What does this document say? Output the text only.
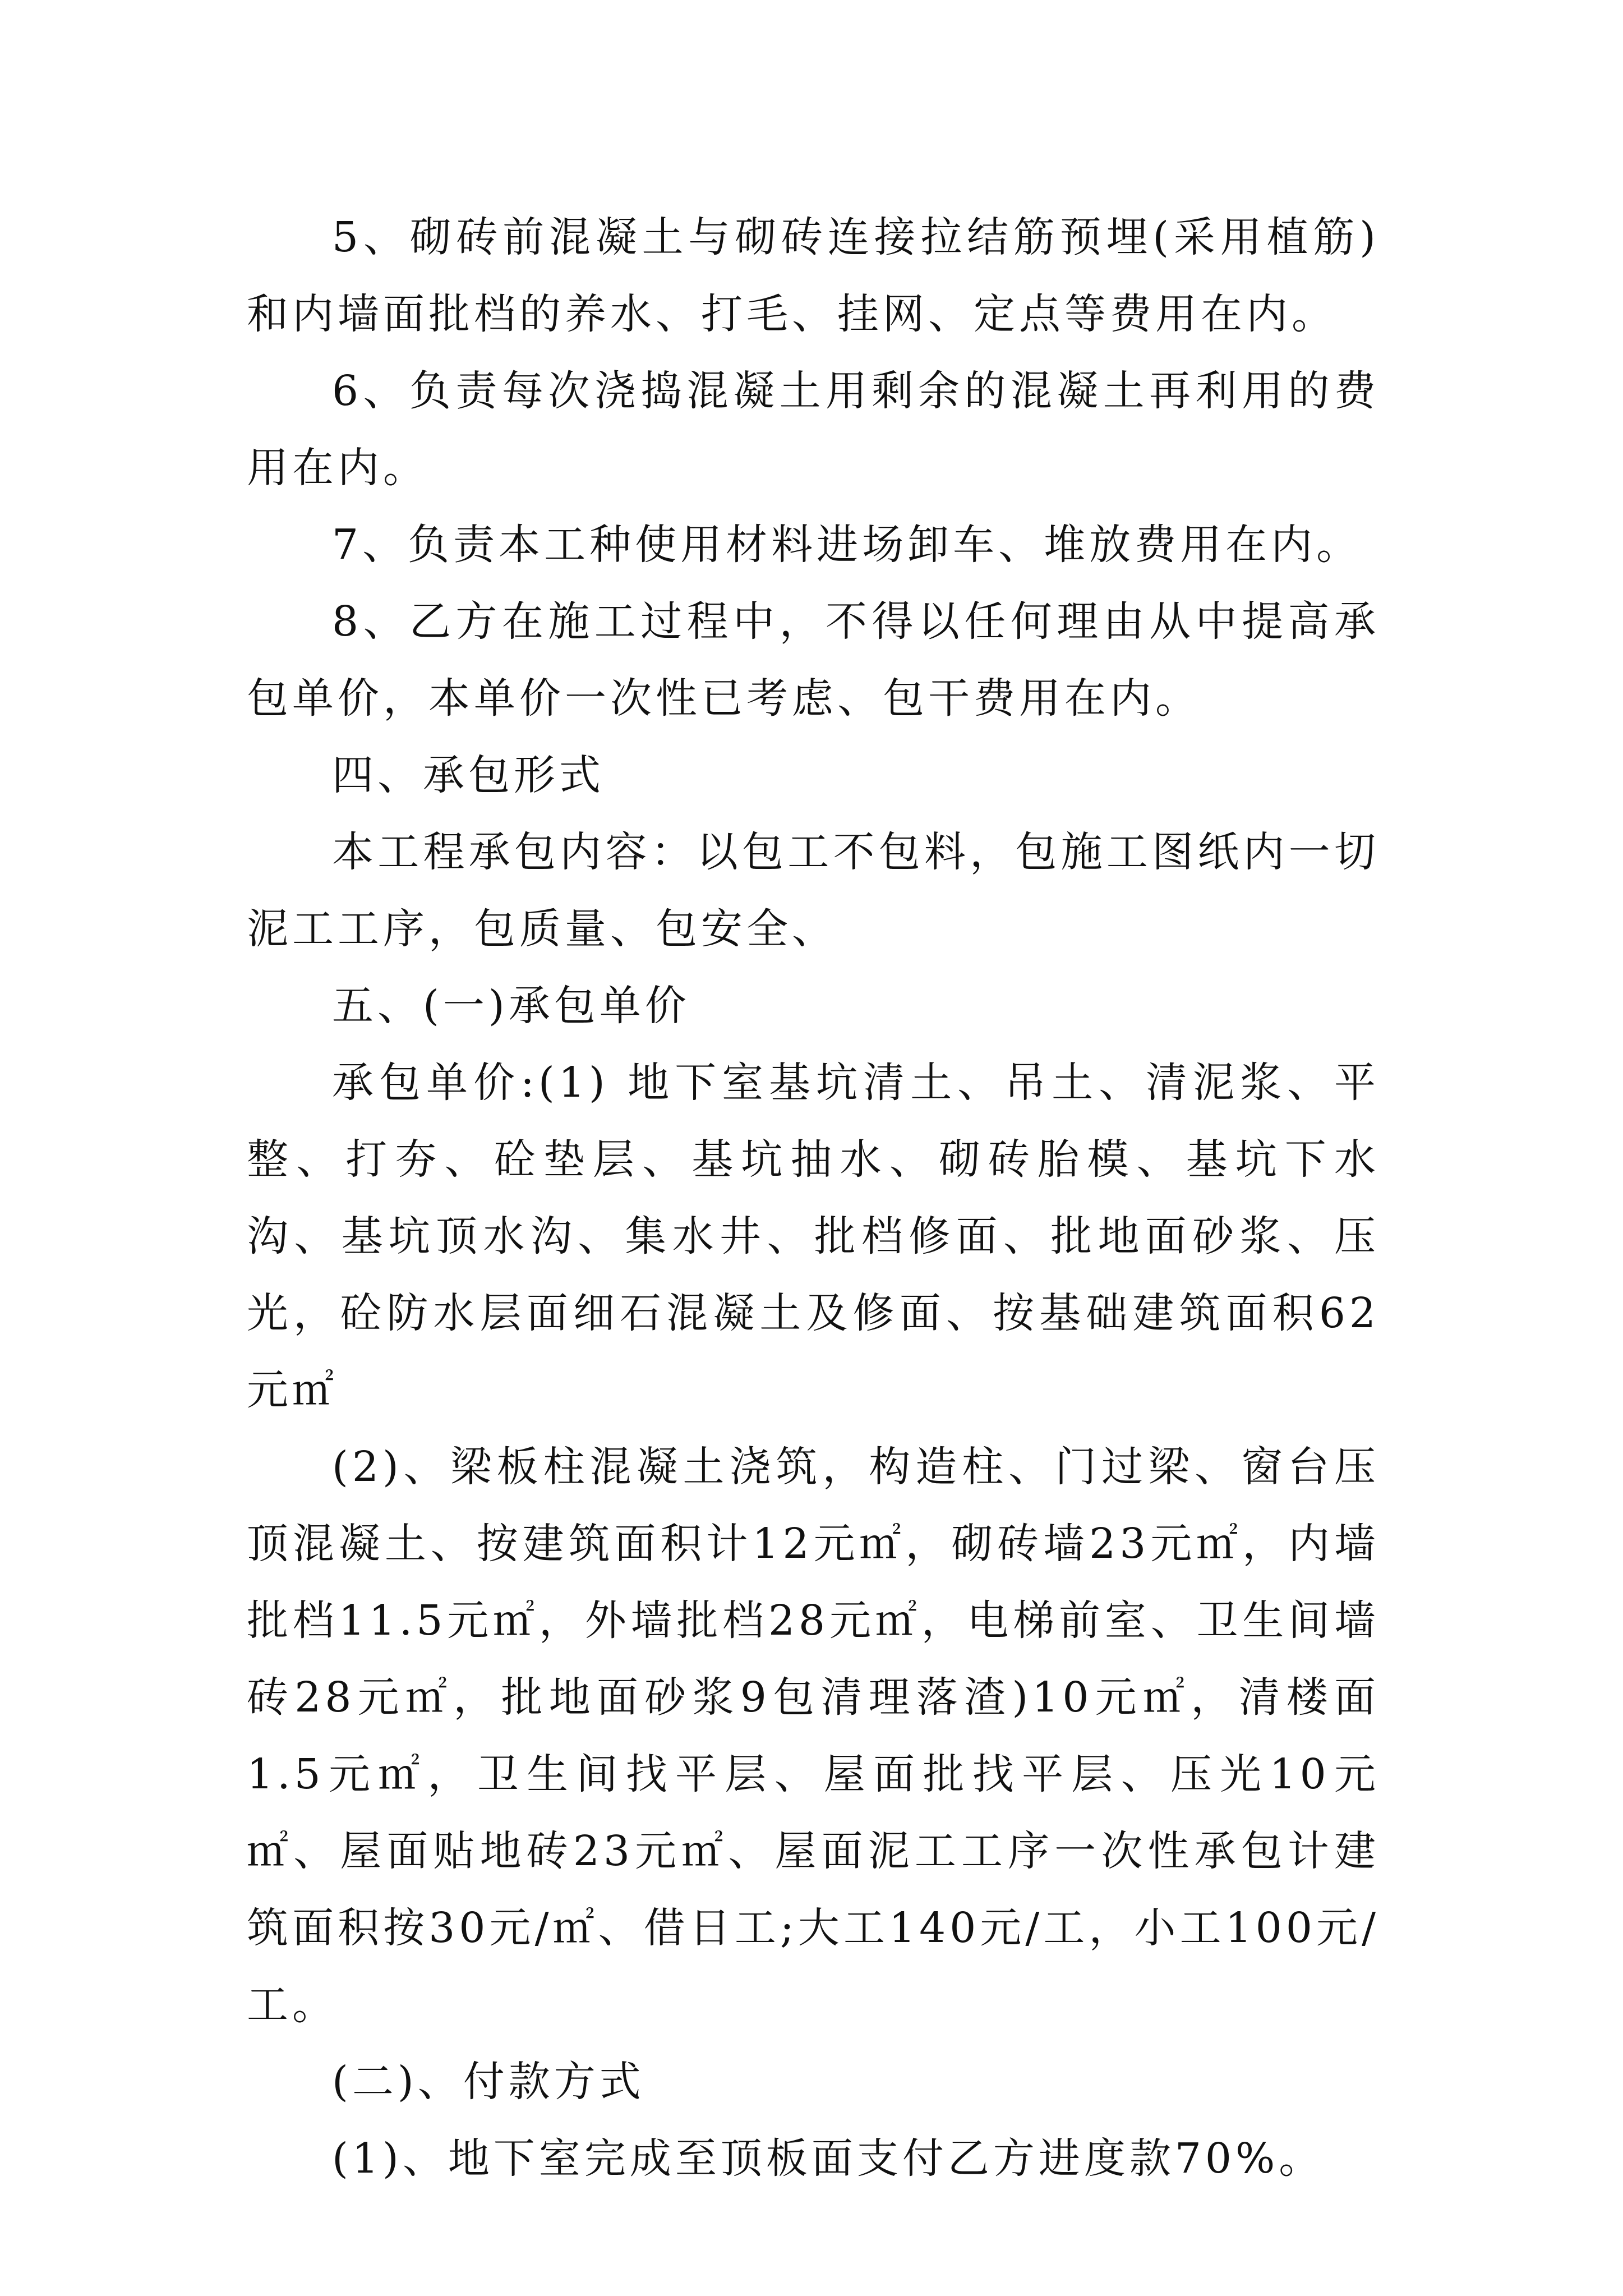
5、砌砖前混凝土与砌砖连接拉结筋预埋(采用植筋)和内墙面批档的养水、打毛、挂网、定点等费用在内。

6、负责每次浇捣混凝土用剩余的混凝土再利用的费用在内。

7、负责本工种使用材料进场卸车、堆放费用在内。

8、乙方在施工过程中，不得以任何理由从中提高承包单价，本单价一次性已考虑、包干费用在内。

四、承包形式

本工程承包内容：以包工不包料，包施工图纸内一切泥工工序，包质量、包安全、

五、(一)承包单价

承包单价:(1) 地下室基坑清土、吊土、清泥浆、平整、打夯、砼垫层、基坑抽水、砌砖胎模、基坑下水沟、基坑顶水沟、集水井、批档修面、批地面砂浆、压光，砼防水层面细石混凝土及修面、按基础建筑面积62元㎡

(2)、梁板柱混凝土浇筑，构造柱、门过梁、窗台压顶混凝土、按建筑面积计12元㎡，砌砖墙23元㎡，内墙批档11.5元㎡，外墙批档28元㎡，电梯前室、卫生间墙砖28元㎡，批地面砂浆9包清理落渣)10元㎡，清楼面1.5元㎡，卫生间找平层、屋面批找平层、压光10元㎡、屋面贴地砖23元㎡、屋面泥工工序一次性承包计建筑面积按30元/㎡、借日工;大工140元/工，小工100元/工。

(二)、付款方式

(1)、地下室完成至顶板面支付乙方进度款70%。
